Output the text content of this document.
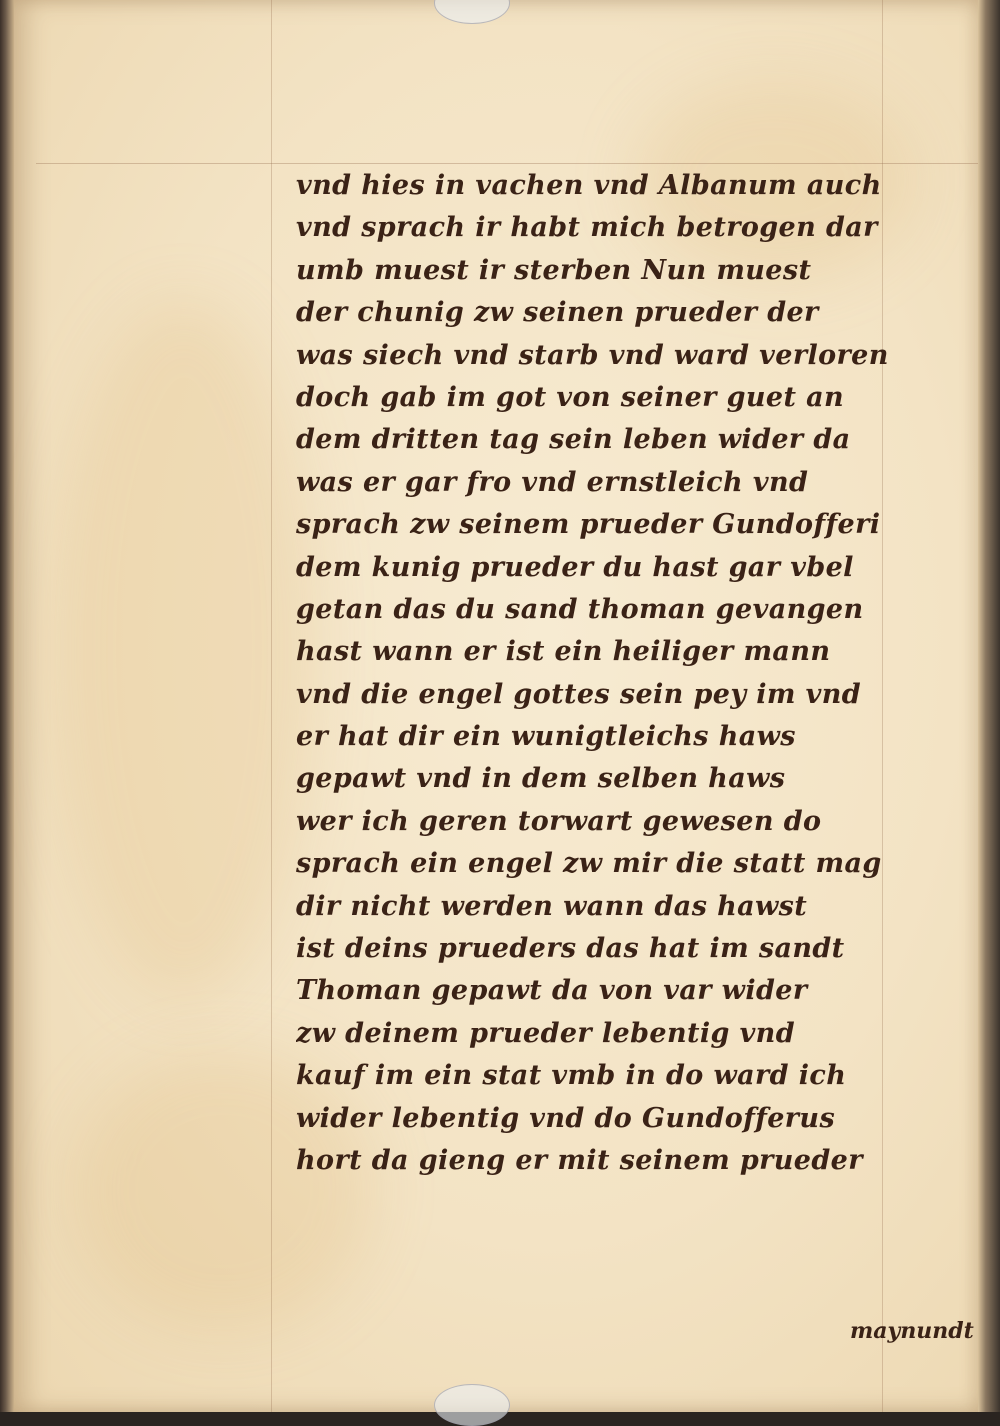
vnd hies in vachen vnd Albanum auch
vnd sprach ir habt mich betrogen dar
umb muest ir sterben Nun muest
der chunig zw seinen prueder der
was siech vnd starb vnd ward verloren
doch gab im got von seiner guet an
dem dritten tag sein leben wider da
was er gar fro vnd ernstleich vnd
sprach zw seinem prueder Gundofferi
dem kunig prueder du hast gar vbel
getan das du sand thoman gevangen
hast wann er ist ein heiliger mann
vnd die engel gottes sein pey im vnd
er hat dir ein wunigtleichs haws
gepawt vnd in dem selben haws
wer ich geren torwart gewesen do
sprach ein engel zw mir die statt mag
dir nicht werden wann das hawst
ist deins prueders das hat im sandt
Thoman gepawt da von var wider
zw deinem prueder lebentig vnd
kauf im ein stat vmb in do ward ich
wider lebentig vnd do Gundofferus
hort da gieng er mit seinem prueder
maynundt
